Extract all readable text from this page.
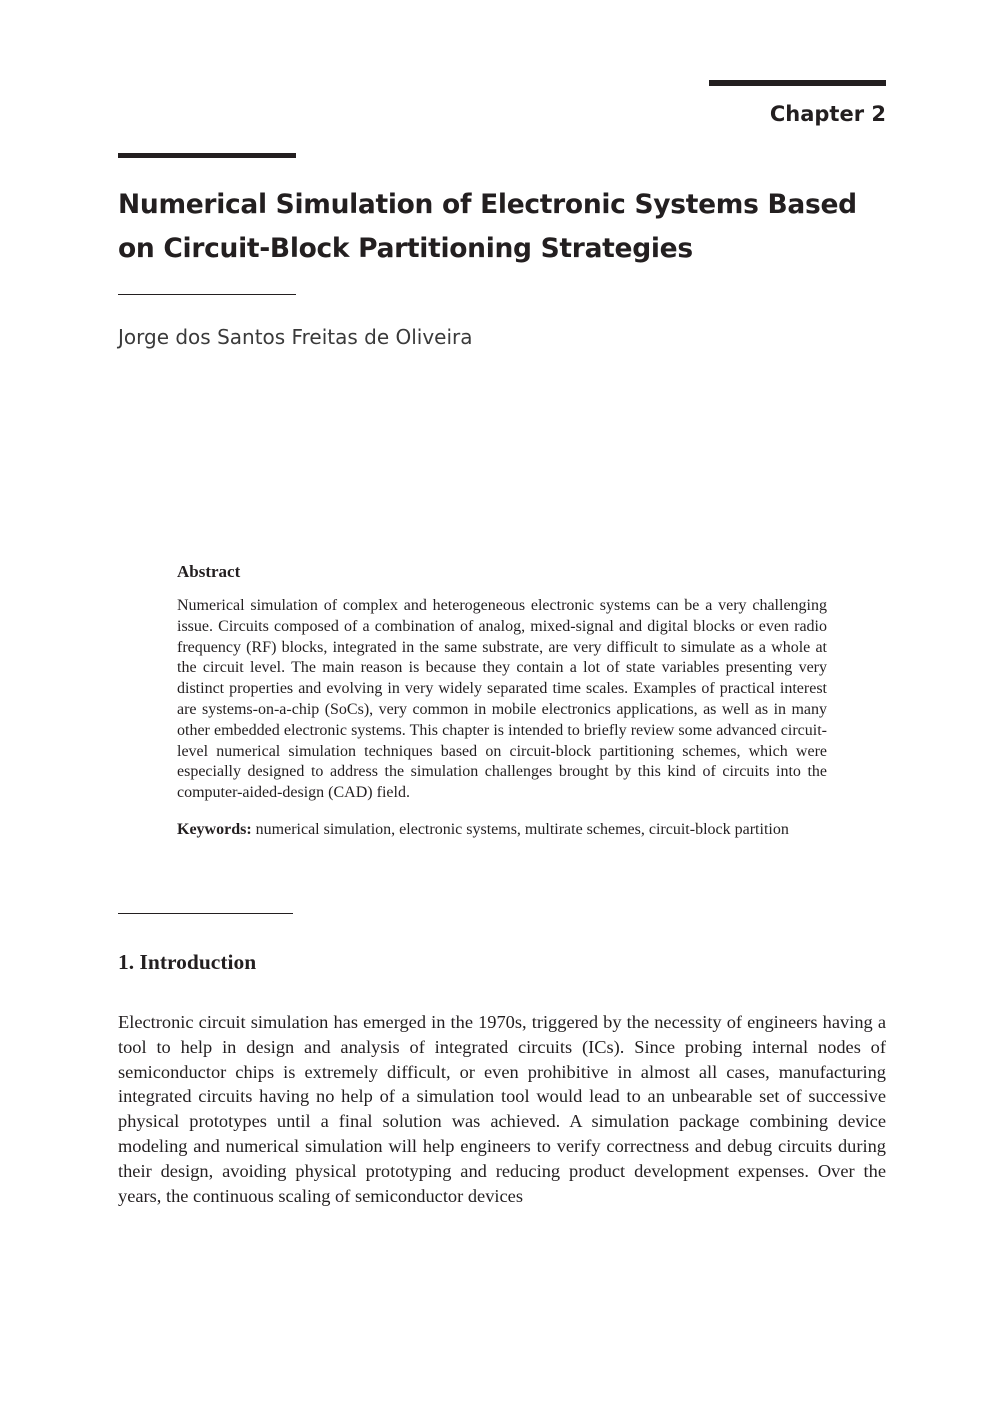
Chapter 2

Numerical Simulation of Electronic Systems Based on Circuit-Block Partitioning Strategies

Jorge dos Santos Freitas de Oliveira

Abstract

Numerical simulation of complex and heterogeneous electronic systems can be a very challenging issue. Circuits composed of a combination of analog, mixed-signal and digital blocks or even radio frequency (RF) blocks, integrated in the same substrate, are very difficult to simulate as a whole at the circuit level. The main reason is because they contain a lot of state variables presenting very distinct properties and evolving in very widely separated time scales. Examples of practical interest are systems-on-a-chip (SoCs), very common in mobile electronics applications, as well as in many other embedded electronic systems. This chapter is intended to briefly review some advanced circuit-level numerical simulation techniques based on circuit-block partitioning schemes, which were especially designed to address the simulation challenges brought by this kind of circuits into the computer-aided-design (CAD) field.

Keywords: numerical simulation, electronic systems, multirate schemes, circuit-block partition

1. Introduction

Electronic circuit simulation has emerged in the 1970s, triggered by the necessity of engineers having a tool to help in design and analysis of integrated circuits (ICs). Since probing internal nodes of semiconductor chips is extremely difficult, or even prohibitive in almost all cases, manufacturing integrated circuits having no help of a simulation tool would lead to an unbearable set of successive physical prototypes until a final solution was achieved. A simulation package combining device modeling and numerical simulation will help engineers to verify correctness and debug circuits during their design, avoiding physical prototyping and reducing product development expenses. Over the years, the continuous scaling of semiconductor devices
